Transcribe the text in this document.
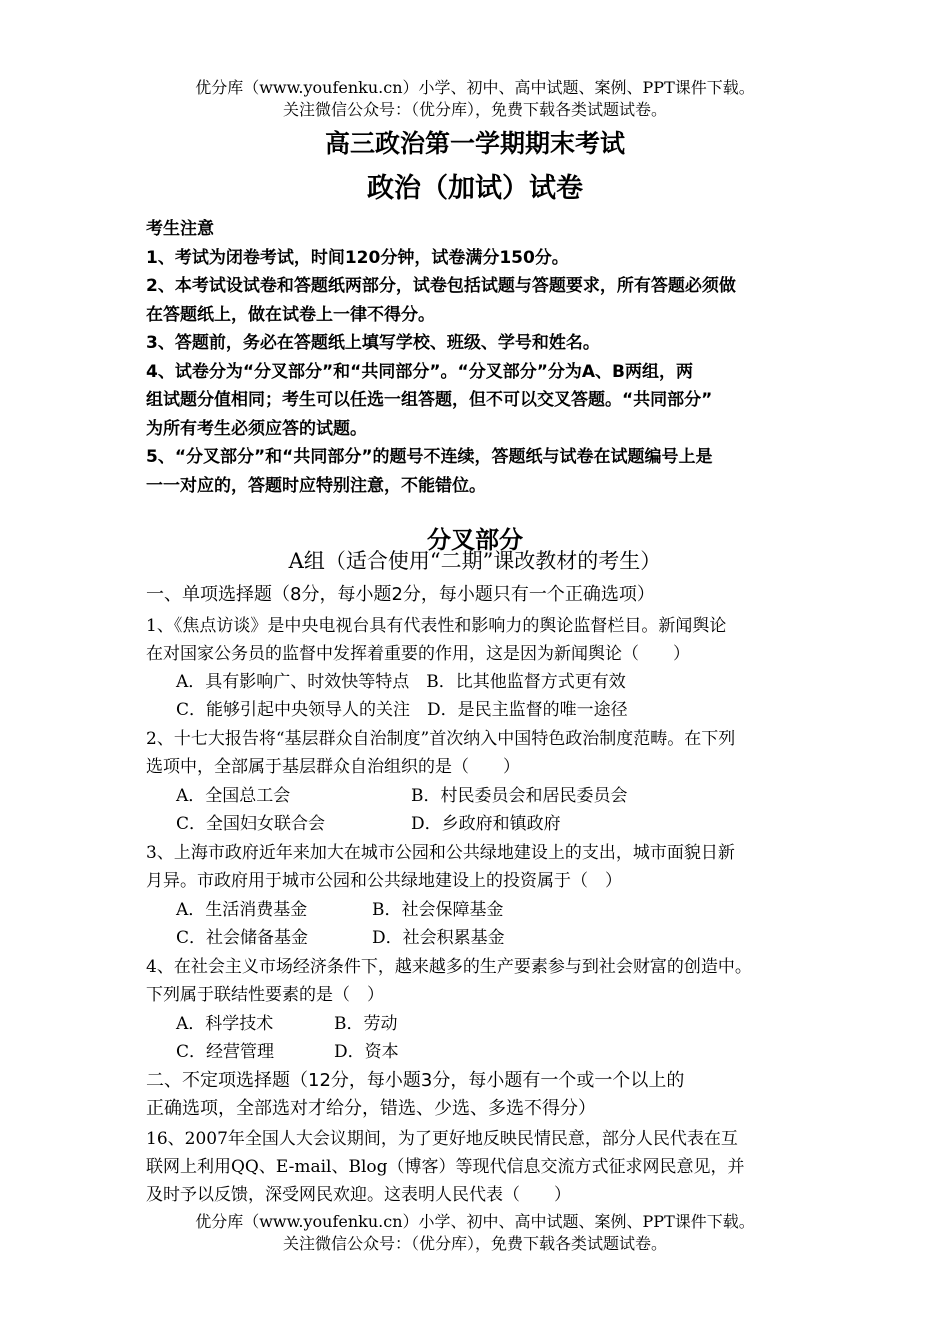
优分库（www.youfenku.cn）小学、初中、高中试题、案例、PPT课件下载。
关注微信公众号：（优分库），免费下载各类试题试卷。
高三政治第一学期期末考试
政治（加试）试卷
考生注意
1、考试为闭卷考试，时间120分钟，试卷满分150分。
2、本考试设试卷和答题纸两部分，试卷包括试题与答题要求，所有答题必须做
在答题纸上，做在试卷上一律不得分。
3、答题前，务必在答题纸上填写学校、班级、学号和姓名。
4、试卷分为“分叉部分”和“共同部分”。“分叉部分”分为A、B两组，两
组试题分值相同；考生可以任选一组答题，但不可以交叉答题。“共同部分”
为所有考生必须应答的试题。
5、“分叉部分”和“共同部分”的题号不连续，答题纸与试卷在试题编号上是
一一对应的，答题时应特别注意，不能错位。
分叉部分
A组（适合使用“二期”课改教材的考生）
一、单项选择题（8分，每小题2分，每小题只有一个正确选项）
1、《焦点访谈》是中央电视台具有代表性和影响力的舆论监督栏目。新闻舆论
在对国家公务员的监督中发挥着重要的作用，这是因为新闻舆论（　　）
A．具有影响广、时效快等特点　B．比其他监督方式更有效
C．能够引起中央领导人的关注　D．是民主监督的唯一途径
2、十七大报告将“基层群众自治制度”首次纳入中国特色政治制度范畴。在下列
选项中，全部属于基层群众自治组织的是（　　）
A．全国总工会	B．村民委员会和居民委员会
C．全国妇女联合会	D．乡政府和镇政府
3、上海市政府近年来加大在城市公园和公共绿地建设上的支出，城市面貌日新
月异。市政府用于城市公园和公共绿地建设上的投资属于（　）
A．生活消费基金	B．社会保障基金
C．社会储备基金	D．社会积累基金
4、在社会主义市场经济条件下，越来越多的生产要素参与到社会财富的创造中。
下列属于联结性要素的是（　）
A．科学技术	B．劳动
C．经营管理	D．资本
二、不定项选择题（12分，每小题3分，每小题有一个或一个以上的
正确选项，全部选对才给分，错选、少选、多选不得分）
16、2007年全国人大会议期间，为了更好地反映民情民意，部分人民代表在互
联网上利用QQ、E-mail、Blog（博客）等现代信息交流方式征求网民意见，并
及时予以反馈，深受网民欢迎。这表明人民代表（　　）
优分库（www.youfenku.cn）小学、初中、高中试题、案例、PPT课件下载。
关注微信公众号：（优分库），免费下载各类试题试卷。
